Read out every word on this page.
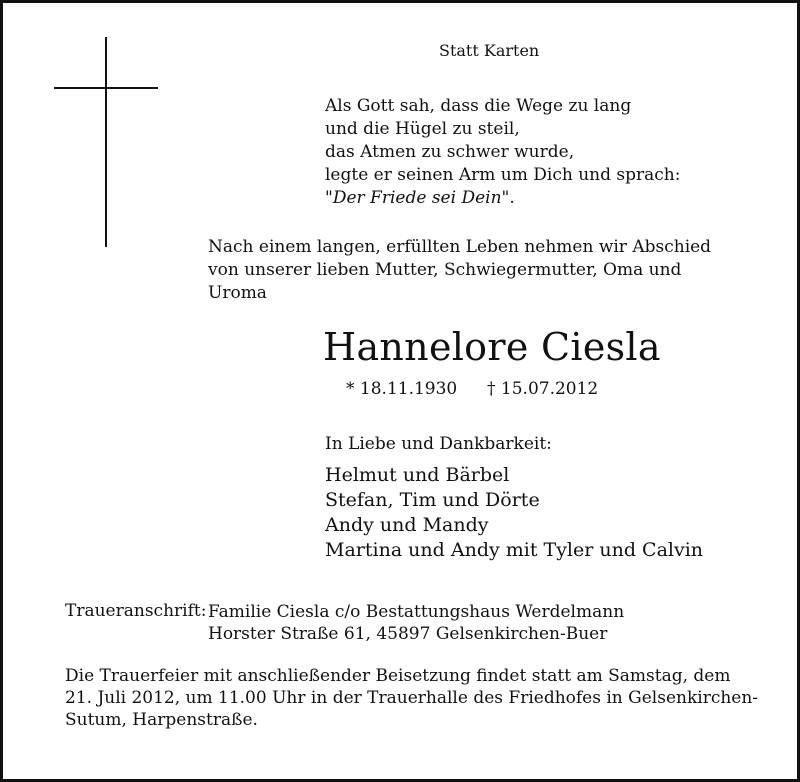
Statt Karten
Als Gott sah, dass die Wege zu lang
und die Hügel zu steil,
das Atmen zu schwer wurde,
legte er seinen Arm um Dich und sprach:
"Der Friede sei Dein".
Nach einem langen, erfüllten Leben nehmen wir Abschied
von unserer lieben Mutter, Schwiegermutter, Oma und
Uroma
Hannelore Ciesla
* 18.11.1930 † 15.07.2012
In Liebe und Dankbarkeit:
Helmut und Bärbel
Stefan, Tim und Dörte
Andy und Mandy
Martina und Andy mit Tyler und Calvin
Traueranschrift: Familie Ciesla c/o Bestattungshaus Werdelmann
Horster Straße 61, 45897 Gelsenkirchen-Buer
Die Trauerfeier mit anschließender Beisetzung findet statt am Samstag, dem
21. Juli 2012, um 11.00 Uhr in der Trauerhalle des Friedhofes in Gelsenkirchen-
Sutum, Harpenstraße.
